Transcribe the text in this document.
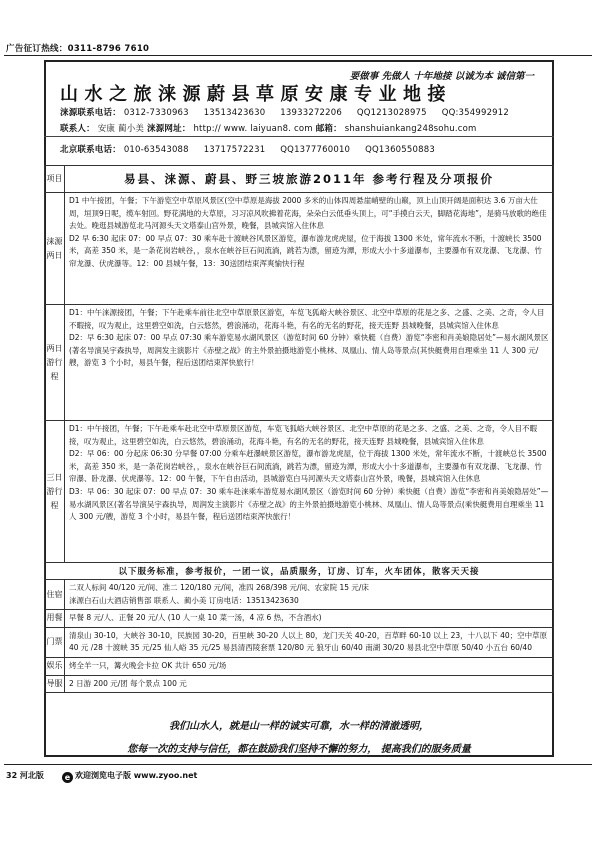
广告征订热线：0311-8796 7610
要做事 先做人 十年地接 以诚为本 诚信第一
山水之旅涞源蔚县草原安康专业地接
涞源联系电话： 0312-7330963 13513423630 13933272206 QQ1213028975 QQ:354992912
联系人： 安康 蔺小美 涞源网址： http:// www. laiyuan8. com 邮箱： shanshuiankang248sohu.com
北京联系电话： 010-63543088 13717572231 QQ1377760010 QQ1360550883
项目	易县、涞源、蔚县、野三坡旅游2011年 参考行程及分项报价
涞源两日	D1 中午接团，午餐；下午游览空中草原风景区(空中草原是海拔 2000 多米的山体四周悬崖峭壁的山巅，顶上山顶开阔是面积达 3.6 万亩大仕周，垣顶9日呢，缆车射回。野花满地的大草原，习习凉风吹拂着花海，朵朵白云低垂头顶上，可“手摸白云天，脚踏花海地”，是骑马放歌的绝佳去处。晚逛县城游览北马河源头天文塔泰山宫外景，晚餐，县城宾馆入住休息
D2 早 6:30 起床 07：00 早点 07：30 乘车赴十渡峡谷风景区游览，瀑布游龙虎虎屋，位于海拔 1300 米处，常年流水不断，十渡峡长 3500 米，高差 350 米，是一条花岗岩峡谷，，泉水在峡谷巨石间流淌，跳若为漂，留迹为潭，形成大小十多道瀑布，主要瀑布有双龙瀑、飞龙瀑、竹帘龙瀑、伏虎瀑等。12：00 县城午餐，13：30送团结束浑爽愉快行程

两日游行程	D1：中午涞源接团，午餐；下午赴乘车前往北空中草原景区游览，车览飞狐峪大峡谷景区、北空中草原的花是之多、之盛、之美、之奇，令人目不暇接，叹为观止，这里碧空如洗，白云悠然，碧浪涌动，花海斗艳，有名的无名的野花，接天连野 县城晚餐，县城宾馆入住休息
D2：早 6:30 起床 07：00 早点 07:30 乘车游览易水湖风景区（游览时间 60 分钟）乘快艇（自费）游览“李密和肖美娘隐居处”—易水湖风景区(著名导演吴宇森执导，周润发主演影片《赤壁之战》的主外景拍摄地游览小桃林、凤凰山、情人岛等景点(其快艇费用自理乘坐 11 人 300 元/艘，游览 3 个小时，易县午餐，程后送团结束浑快旅行！

三日游行程	D1：中午接团，午餐；下午赴乘车赴北空中草原景区游览，车览飞狐峪大峡谷景区、北空中草原的花是之多、之盛、之美、之奇，令人目不暇接，叹为观止，这里碧空如洗，白云悠然，碧浪涌动，花海斗艳，有名的无名的野花，接天连野 县城晚餐，县城宾馆入住休息
D2：早 06：00 分起床 06:30 分早餐 07:00 分乘车赶瀑峡景区游览，瀑布游龙虎屋，位于海拔 1300 米处，常年流水不断，十渡峡总长 3500 米，高差 350 米，是一条花岗岩峡谷，，泉水在峡谷巨石间流淌，跳若为漂，留迹为潭，形成大小十多道瀑布，主要瀑布有双龙瀑、飞龙瀑、竹帘瀑、卧龙瀑、伏虎瀑等。12：00 午餐，下午自由活动，县城游览白马河源头天文塔泰山宫外景，晚餐，县城宾馆入住休息
D3：早 06：30 起床 07：00 早点 07：30 乘车赴涞乘车游览易水湖风景区（游览时间 60 分钟）乘快艇（自费）游览“李密和肖美娘隐居处”—易水湖风景区(著名导演吴宇森执导，周润发主演影片《赤壁之战》的主外景拍摄地游览小桃林、凤凰山、情人岛等景点(乘快艇费用自理乘坐 11 人 300 元/艘，游览 3 个小时，易县午餐，程后送团结束浑快旅行！

以下服务标准，参考报价，一团一议，品质服务，订房、订车，火车团体，散客天天接	
住宿	二双人标间 40/120 元/间、准二 120/180 元/间，准四 268/398 元/间、农家院 15 元/床
涞源白石山大酒店销售部 联系人、蔺小美 订房电话：13513423630

用餐	早餐 8 元/人、正餐 20 元/人 (10 人一桌 10 菜一汤，4 凉 6 热，不含酒水)

门票	清泉山 30-10，大峡谷 30-10，民族园 30-20，百里峡 30-20 人以上 80，龙门天关 40-20，百草畔 60-10 以上 23，十八以下 40；空中草原 40 元 /28 十渡峡 35 元/25 仙人峪 35 元/25 易县清西陵套票 120/80 元 狼牙山 60/40 南湖 30/20 易县北空中草原 50/40 小五台 60/40

娱乐	烤全羊一只，篝火晚会卡拉 OK 共计 650 元/场

导服	2 日游 200 元/团 每个景点 100 元
我们山水人，就是山一样的诚实可靠，水一样的清澈透明，
您每一次的支持与信任，都在鼓励我们坚持不懈的努力， 提高我们的服务质量
32 河北版	e 欢迎浏览电子版 www.zyoo.net
